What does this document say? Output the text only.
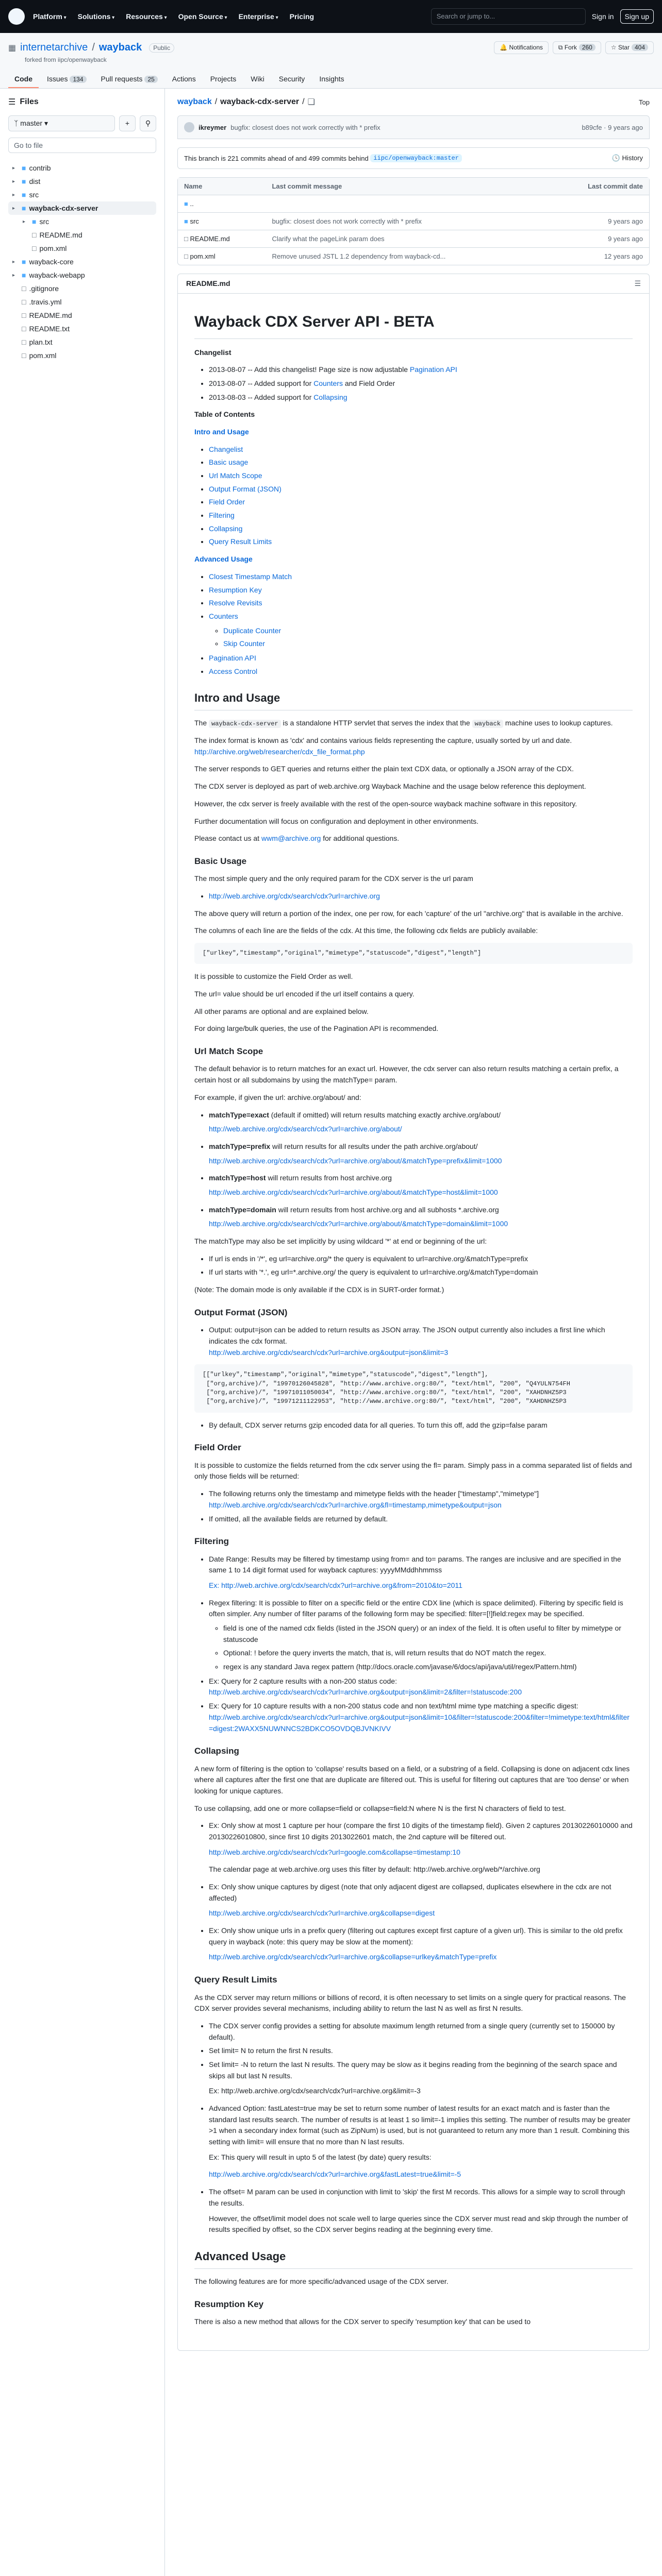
Platform ▾	Solutions ▾	Resources ▾	Open Source ▾	Enterprise ▾	Pricing	Search or jump to...	Sign in	Sign up
▦ internetarchive / wayback	Public	🔔 Notifications	⧉ Fork 260	☆ Star 404
forked from iipc/openwayback
Code	Issues 134	Pull requests 25	Actions	Projects	Wiki	Security	Insights
☰ Files
ᛉ master ▾	+	⚲
Go to file
▸ ■ contrib
▸ ■ dist
▸ ■ src
▸ ■ wayback-cdx-server
▸ ■ src
□ README.md
□ pom.xml
▸ ■ wayback-core
▸ ■ wayback-webapp
□ .gitignore
□ .travis.yml
□ README.md
□ README.txt
□ plan.txt
□ pom.xml
wayback / wayback-cdx-server / ❏	Top
ikreymer bugfix: closest does not work correctly with * prefix	b89cfe · 9 years ago
This branch is 221 commits ahead of and 499 commits behind
iipc/openwayback:master	🕓 History
Name	Last commit message	Last commit date
■ ..		
■ src	bugfix: closest does not work correctly with * prefix	9 years ago
□ README.md	Clarify what the pageLink param does	9 years ago
□ pom.xml	Remove unused JSTL 1.2 dependency from wayback-cd...	12 years ago
README.md	☰
Wayback CDX Server API - BETA

Changelist

• 2013-08-07 -- Add this changelist! Page size is now adjustable Pagination API
• 2013-08-07 -- Added support for Counters and Field Order
• 2013-08-03 -- Added support for Collapsing

Table of Contents

Intro and Usage

• Changelist
• Basic usage
• Url Match Scope
• Output Format (JSON)
• Field Order
• Filtering
• Collapsing
• Query Result Limits

Advanced Usage

• Closest Timestamp Match
• Resumption Key
• Resolve Revisits
• Counters
◦ Duplicate Counter
◦ Skip Counter
• Pagination API
• Access Control
Intro and Usage

The wayback-cdx-server is a standalone HTTP servlet that serves the index that the wayback machine uses to lookup captures.

The index format is known as 'cdx' and contains various fields representing the capture, usually sorted by url and date. http://archive.org/web/researcher/cdx_file_format.php

The server responds to GET queries and returns either the plain text CDX data, or optionally a JSON array of the CDX.

The CDX server is deployed as part of web.archive.org Wayback Machine and the usage below reference this deployment.

However, the cdx server is freely available with the rest of the open-source wayback machine software in this repository.

Further documentation will focus on configuration and deployment in other environments.

Please contact us at wwm@archive.org for additional questions.

Basic Usage

The most simple query and the only required param for the CDX server is the url param

• http://web.archive.org/cdx/search/cdx?url=archive.org

The above query will return a portion of the index, one per row, for each 'capture' of the url "archive.org" that is available in the archive.

The columns of each line are the fields of the cdx. At this time, the following cdx fields are publicly available:

["urlkey","timestamp","original","mimetype","statuscode","digest","length"]

It is possible to customize the Field Order as well.

The url= value should be url encoded if the url itself contains a query.

All other params are optional and are explained below.

For doing large/bulk queries, the use of the Pagination API is recommended.

Url Match Scope

The default behavior is to return matches for an exact url. However, the cdx server can also return results matching a certain prefix, a certain host or all subdomains by using the matchType= param.

For example, if given the url: archive.org/about/ and:

• matchType=exact (default if omitted) will return results matching exactly archive.org/about/

http://web.archive.org/cdx/search/cdx?url=archive.org/about/

• matchType=prefix will return results for all results under the path archive.org/about/

http://web.archive.org/cdx/search/cdx?url=archive.org/about/&matchType=prefix&limit=1000

• matchType=host will return results from host archive.org

http://web.archive.org/cdx/search/cdx?url=archive.org/about/&matchType=host&limit=1000

• matchType=domain will return results from host archive.org and all subhosts *.archive.org

http://web.archive.org/cdx/search/cdx?url=archive.org/about/&matchType=domain&limit=1000

The matchType may also be set implicitly by using wildcard '*' at end or beginning of the url:

• If url is ends in '/*', eg url=archive.org/* the query is equivalent to url=archive.org/&matchType=prefix
• If url starts with '*.', eg url=*.archive.org/ the query is equivalent to url=archive.org/&matchType=domain

(Note: The domain mode is only available if the CDX is in SURT-order format.)

Output Format (JSON)
• Output: output=json can be added to return results as JSON array. The JSON output currently also includes a first line which indicates the cdx format.
http://web.archive.org/cdx/search/cdx?url=archive.org&output=json&limit=3
[["urlkey","timestamp","original","mimetype","statuscode","digest","length"],
["org,archive)/", "19970126045828", "http://www.archive.org:80/", "text/html", "200", "Q4YULN754FH
["org,archive)/", "19971011050034", "http://www.archive.org:80/", "text/html", "200", "XAHDNHZ5P3
["org,archive)/", "19971211122953", "http://www.archive.org:80/", "text/html", "200", "XAHDNHZ5P3
• By default, CDX server returns gzip encoded data for all queries. To turn this off, add the gzip=false param
Field Order

It is possible to customize the fields returned from the cdx server using the fl= param. Simply pass in a comma separated list of fields and only those fields will be returned:

• The following returns only the timestamp and mimetype fields with the header ["timestamp","mimetype"] http://web.archive.org/cdx/search/cdx?url=archive.org&fl=timestamp,mimetype&output=json
• If omitted, all the available fields are returned by default.
Filtering
• Date Range: Results may be filtered by timestamp using from= and to= params. The ranges are inclusive and are specified in the same 1 to 14 digit format used for wayback captures: yyyyMMddhhmmss

Ex: http://web.archive.org/cdx/search/cdx?url=archive.org&from=2010&to=2011

• Regex filtering: It is possible to filter on a specific field or the entire CDX line (which is space delimited). Filtering by specific field is often simpler. Any number of filter params of the following form may be specified: filter=[!]field:regex may be specified.
◦ field is one of the named cdx fields (listed in the JSON query) or an index of the field. It is often useful to filter by mimetype or statuscode
◦ Optional: ! before the query inverts the match, that is, will return results that do NOT match the regex.
◦ regex is any standard Java regex pattern (http://docs.oracle.com/javase/6/docs/api/java/util/regex/Pattern.html)
• Ex: Query for 2 capture results with a non-200 status code:
http://web.archive.org/cdx/search/cdx?url=archive.org&output=json&limit=2&filter=!statuscode:200
• Ex: Query for 10 capture results with a non-200 status code and non text/html mime type matching a specific digest:
http://web.archive.org/cdx/search/cdx?url=archive.org&output=json&limit=10&filter=!statuscode:200&filter=!mimetype:text/html&filter=digest:2WAXX5NUWNNCS2BDKCO5OVDQBJVNKIVV
Collapsing

A new form of filtering is the option to 'collapse' results based on a field, or a substring of a field. Collapsing is done on adjacent cdx lines where all captures after the first one that are duplicate are filtered out. This is useful for filtering out captures that are 'too dense' or when looking for unique captures.

To use collapsing, add one or more collapse=field or collapse=field:N where N is the first N characters of field to test.

• Ex: Only show at most 1 capture per hour (compare the first 10 digits of the timestamp field). Given 2 captures 20130226010000 and 20130226010800, since first 10 digits 2013022601 match, the 2nd capture will be filtered out.

http://web.archive.org/cdx/search/cdx?url=google.com&collapse=timestamp:10

The calendar page at web.archive.org uses this filter by default: http://web.archive.org/web/*/archive.org

• Ex: Only show unique captures by digest (note that only adjacent digest are collapsed, duplicates elsewhere in the cdx are not affected)

http://web.archive.org/cdx/search/cdx?url=archive.org&collapse=digest

• Ex: Only show unique urls in a prefix query (filtering out captures except first capture of a given url). This is similar to the old prefix query in wayback (note: this query may be slow at the moment):

http://web.archive.org/cdx/search/cdx?url=archive.org&collapse=urlkey&matchType=prefix

Query Result Limits

As the CDX server may return millions or billions of record, it is often necessary to set limits on a single query for practical reasons. The CDX server provides several mechanisms, including ability to return the last N as well as first N results.

• The CDX server config provides a setting for absolute maximum length returned from a single query (currently set to 150000 by default).
• Set limit= N to return the first N results.
• Set limit= -N to return the last N results. The query may be slow as it begins reading from the beginning of the search space and skips all but last N results.

Ex: http://web.archive.org/cdx/search/cdx?url=archive.org&limit=-3

• Advanced Option: fastLatest=true may be set to return some number of latest results for an exact match and is faster than the standard last results search. The number of results is at least 1 so limit=-1 implies this setting. The number of results may be greater >1 when a secondary index format (such as ZipNum) is used, but is not guaranteed to return any more than 1 result. Combining this setting with limit= will ensure that no more than N last results.

Ex: This query will result in upto 5 of the latest (by date) query results:

http://web.archive.org/cdx/search/cdx?url=archive.org&fastLatest=true&limit=-5

• The offset= M param can be used in conjunction with limit to 'skip' the first M records. This allows for a simple way to scroll through the results.

However, the offset/limit model does not scale well to large queries since the CDX server must read and skip through the number of results specified by offset, so the CDX server begins reading at the beginning every time.

Advanced Usage

The following features are for more specific/advanced usage of the CDX server.

Resumption Key

There is also a new method that allows for the CDX server to specify 'resumption key' that can be used to
